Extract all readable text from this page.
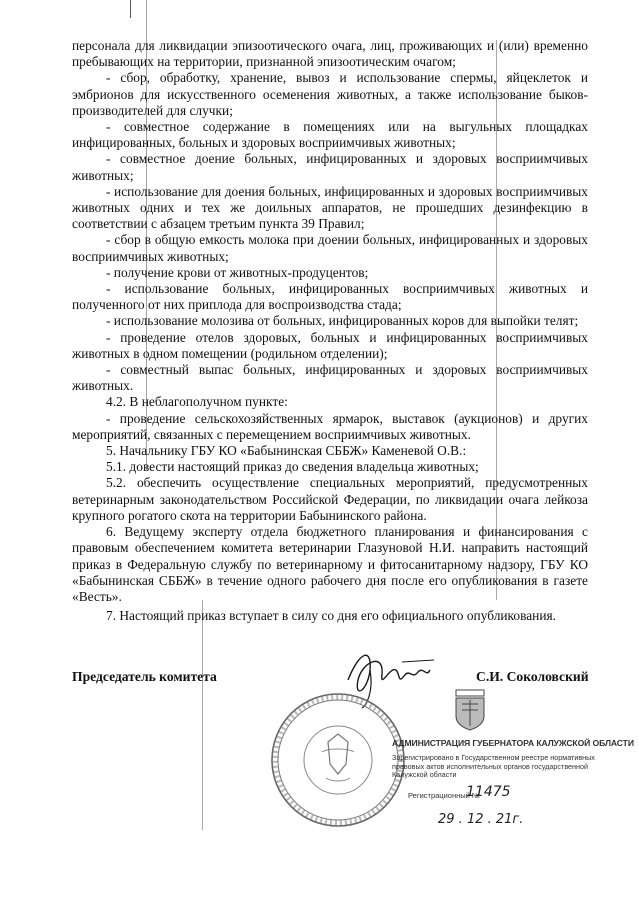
персонала для ликвидации эпизоотического очага, лиц, проживающих и (или) временно пребывающих на территории, признанной эпизоотическим очагом;

- сбор, обработку, хранение, вывоз и использование спермы, яйцеклеток и эмбрионов для искусственного осеменения животных, а также использование быков-производителей для случки;

- совместное содержание в помещениях или на выгульных площадках инфицированных, больных и здоровых восприимчивых животных;

- совместное доение больных, инфицированных и здоровых восприимчивых животных;

- использование для доения больных, инфицированных и здоровых восприимчивых животных одних и тех же доильных аппаратов, не прошедших дезинфекцию в соответствии с абзацем третьим пункта 39 Правил;

- сбор в общую емкость молока при доении больных, инфицированных и здоровых восприимчивых животных;

- получение крови от животных-продуцентов;

- использование больных, инфицированных восприимчивых животных и полученного от них приплода для воспроизводства стада;

- использование молозива от больных, инфицированных коров для выпойки телят;

- проведение отелов здоровых, больных и инфицированных восприимчивых животных в одном помещении (родильном отделении);

- совместный выпас больных, инфицированных и здоровых восприимчивых животных.

4.2. В неблагополучном пункте:

- проведение сельскохозяйственных ярмарок, выставок (аукционов) и других мероприятий, связанных с перемещением восприимчивых животных.

5. Начальнику ГБУ КО «Бабынинская СББЖ» Каменевой О.В.:

5.1. довести настоящий приказ до сведения владельца животных;

5.2. обеспечить осуществление специальных мероприятий, предусмотренных ветеринарным законодательством Российской Федерации, по ликвидации очага лейкоза крупного рогатого скота на территории Бабынинского района.

6. Ведущему эксперту отдела бюджетного планирования и финансирования с правовым обеспечением комитета ветеринарии Глазуновой Н.И. направить настоящий приказ в Федеральную службу по ветеринарному и фитосанитарному надзору, ГБУ КО «Бабынинская СББЖ» в течение одного рабочего дня после его опубликования в газете «Весть».

7. Настоящий приказ вступает в силу со дня его официального опубликования.

Председатель комитета	С.И. Соколовский
АДМИНИСТРАЦИЯ ГУБЕРНАТОРА КАЛУЖСКОЙ ОБЛАСТИ
Зарегистрировано в Государственном реестре нормативных
правовых актов исполнительных органов государственной
Калужской области
Регистрационный №
11475
29 . 12 . 21г.
